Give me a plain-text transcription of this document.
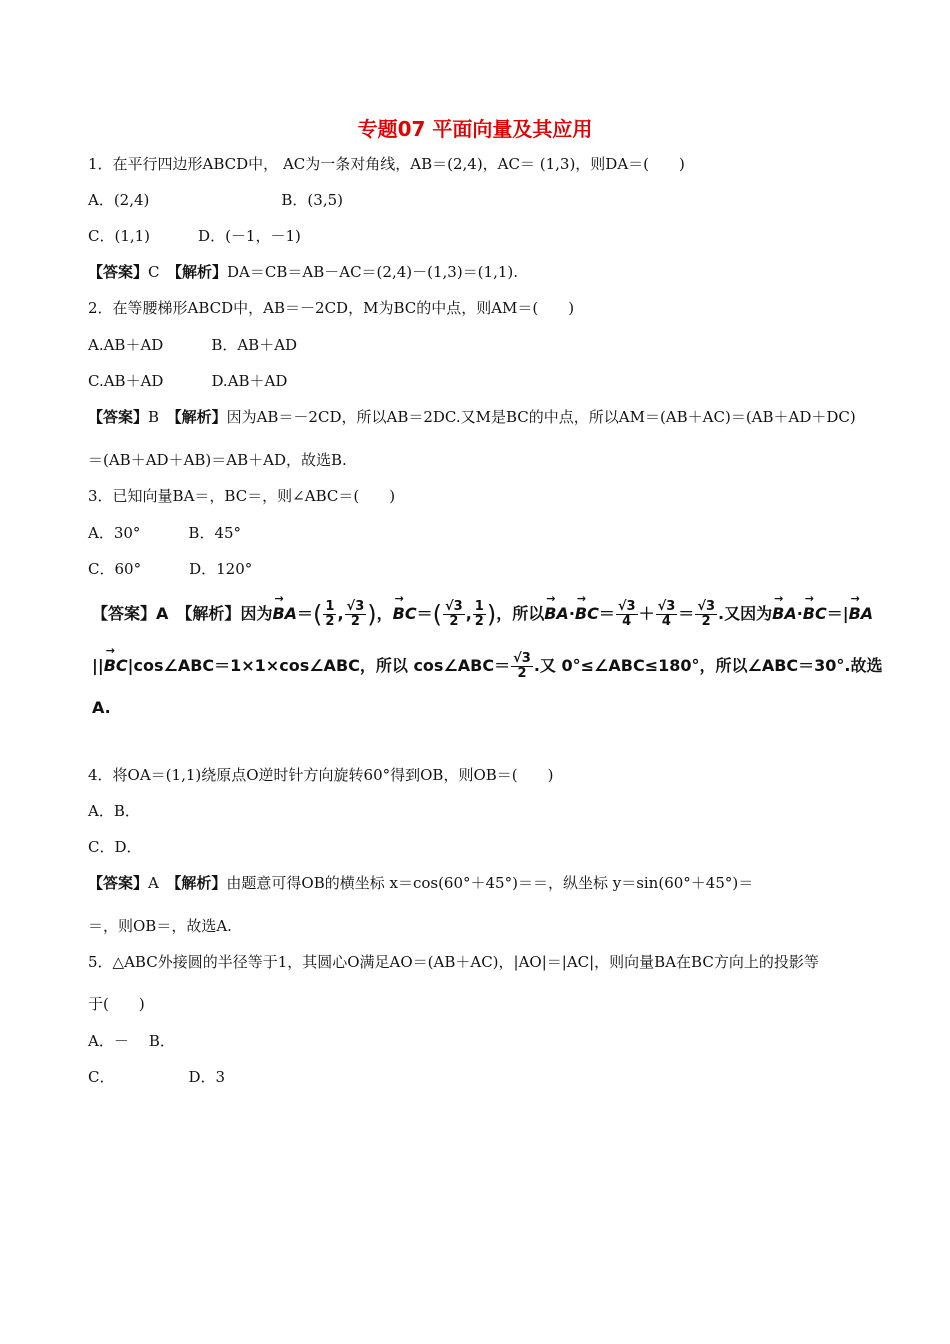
专题07 平面向量及其应用
1．在平行四边形ABCD中， AC为一条对角线，AB＝(2,4)，AC＝ (1,3)，则DA＝(　　)
A．(2,4)	B．(3,5)
C．(1,1)	D．(－1，－1)
【答案】C　 【解析】DA＝CB＝AB－AC＝(2,4)－(1,3)＝(1,1).
2．在等腰梯形ABCD中，AB＝－2CD，M为BC的中点，则AM＝(　　)
A.AB＋AD	B．AB＋AD
C.AB＋AD	D.AB＋AD
【答案】B　 【解析】因为AB＝－2CD，所以AB＝2DC.又M是BC的中点，所以AM＝(AB＋AC)＝(AB＋AD＋DC)
＝(AB＋AD＋AB)＝AB＋AD，故选B.
3．已知向量BA＝，BC＝，则∠ABC＝(　　)
A．30°	B．45°
C．60°	D．120°
【答案】A　 【解析】因为→ $BA=( \frac{1}{2}$ , $\frac{√3}{2}$ )，→ $BC=( \frac{√3}{2}$ , $\frac{1}{2}$ )，所以→ $BA\cdot\to BC= \frac{√3}{4} + \frac{√3}{4} = \frac{√3}{2}$ .又因为→ BA·→ BC＝|→ BA
||→ BC|cos∠ABC＝1×1×cos∠ABC，所以 cos∠ABC＝ $\frac{√3}{2}$ .又 0°≤∠ABC≤180°，所以∠ABC＝30°.故选
A.
4．将OA＝(1,1)绕原点O逆时针方向旋转60°得到OB，则OB＝(　　)
A．B．
C．D．
【答案】A　 【解析】由题意可得OB的横坐标 x＝cos(60°＋45°)＝＝，纵坐标 y＝sin(60°＋45°)＝
＝，则OB＝，故选A.
5．△ABC外接圆的半径等于1，其圆心O满足AO＝(AB＋AC)，|AO|＝|AC|，则向量BA在BC方向上的投影等
于(　　)
A．－ B．
C．	D．3
